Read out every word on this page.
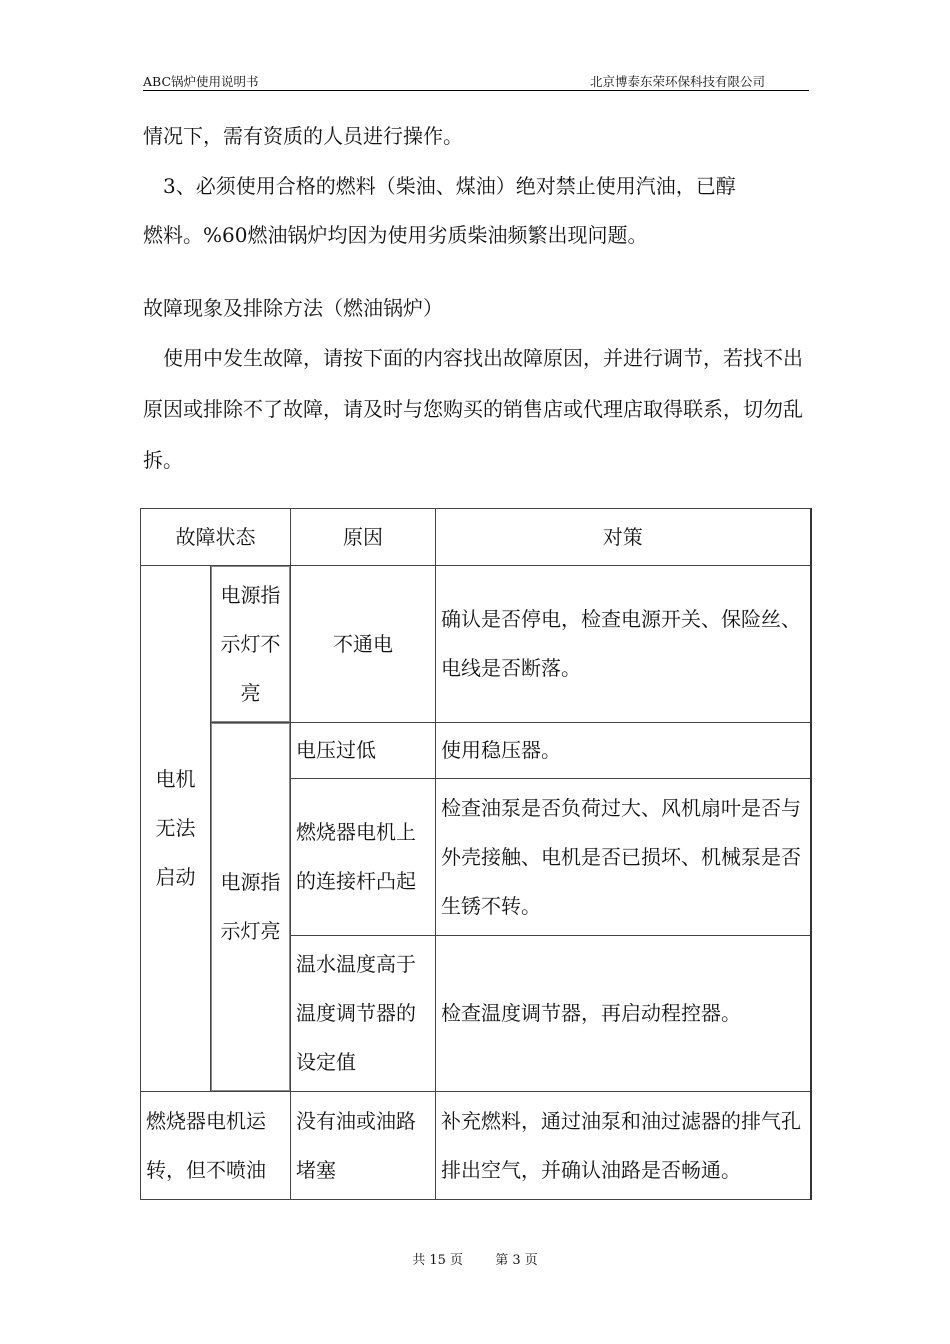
ABC锅炉使用说明书	北京博泰东荣环保科技有限公司

情况下，需有资质的人员进行操作。

3、必须使用合格的燃料（柴油、煤油）绝对禁止使用汽油，已醇

燃料。%60燃油锅炉均因为使用劣质柴油频繁出现问题。

故障现象及排除方法（燃油锅炉）

使用中发生故障，请按下面的内容找出故障原因，并进行调节，若找不出原因或排除不了故障，请及时与您购买的销售店或代理店取得联系，切勿乱拆。

故障状态		原因	对策
电机无法启动	电源指示灯不亮	不通电	确认是否停电，检查电源开关、保险丝、电线是否断落。
	电源指示灯亮	电压过低	使用稳压器。
		燃烧器电机上的连接杆凸起	检查油泵是否负荷过大、风机扇叶是否与外壳接触、电机是否已损坏、机械泵是否生锈不转。
		温水温度高于温度调节器的设定值	检查温度调节器，再启动程控器。
燃烧器电机运转，但不喷油		没有油或油路堵塞	补充燃料，通过油泵和油过滤器的排气孔排出空气，并确认油路是否畅通。
共 15 页 第 3 页
